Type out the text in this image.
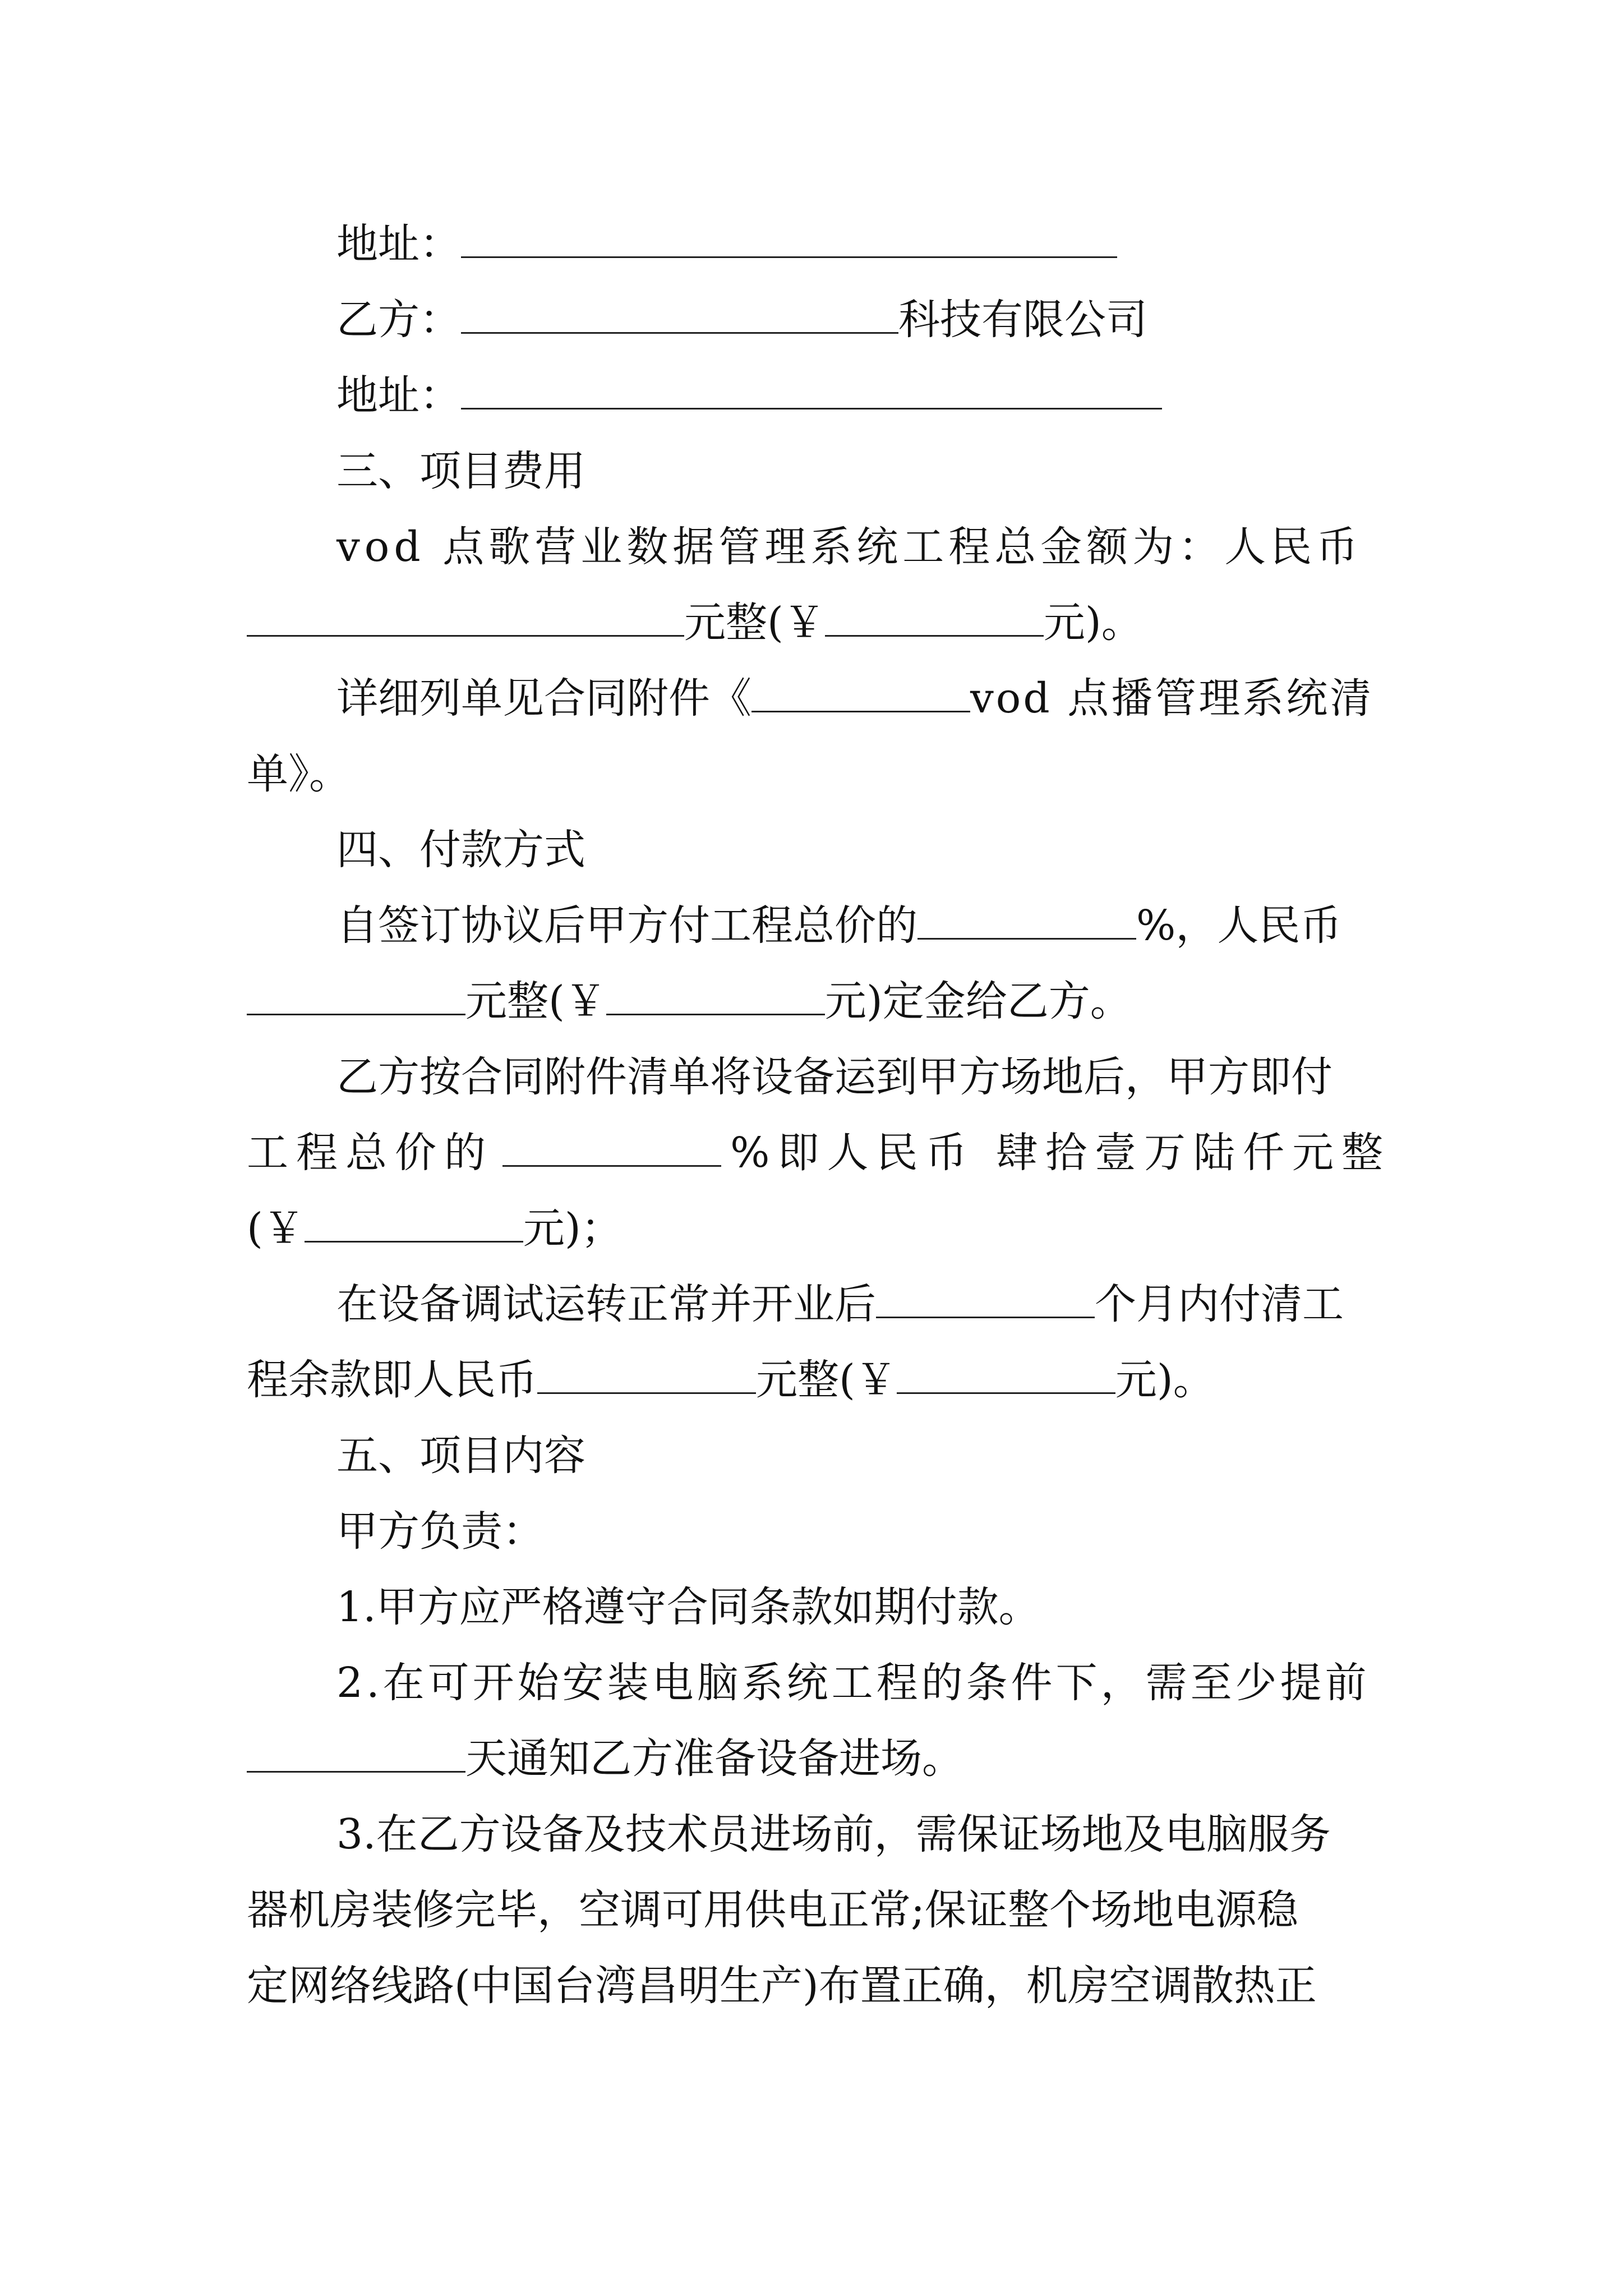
地址：
乙方：	科技有限公司
地址：
三、项目费用
vod 点歌营业数据管理系统工程总金额为：人民币
元整(￥	元)。
详细列单见合同附件《	vod 点播管理系统清
单》。
四、付款方式
自签订协议后甲方付工程总价的	%，人民币
元整(￥	元)定金给乙方。
乙方按合同附件清单将设备运到甲方场地后，甲方即付
工程总价的	%即人民币 肆拾壹万陆仟元整
(￥	元)；
在设备调试运转正常并开业后	个月内付清工
程余款即人民币	元整(￥	元)。
五、项目内容
甲方负责：
1.甲方应严格遵守合同条款如期付款。
2.在可开始安装电脑系统工程的条件下，需至少提前
天通知乙方准备设备进场。
3.在乙方设备及技术员进场前，需保证场地及电脑服务
器机房装修完毕，空调可用供电正常;保证整个场地电源稳
定网络线路(中国台湾昌明生产)布置正确，机房空调散热正
